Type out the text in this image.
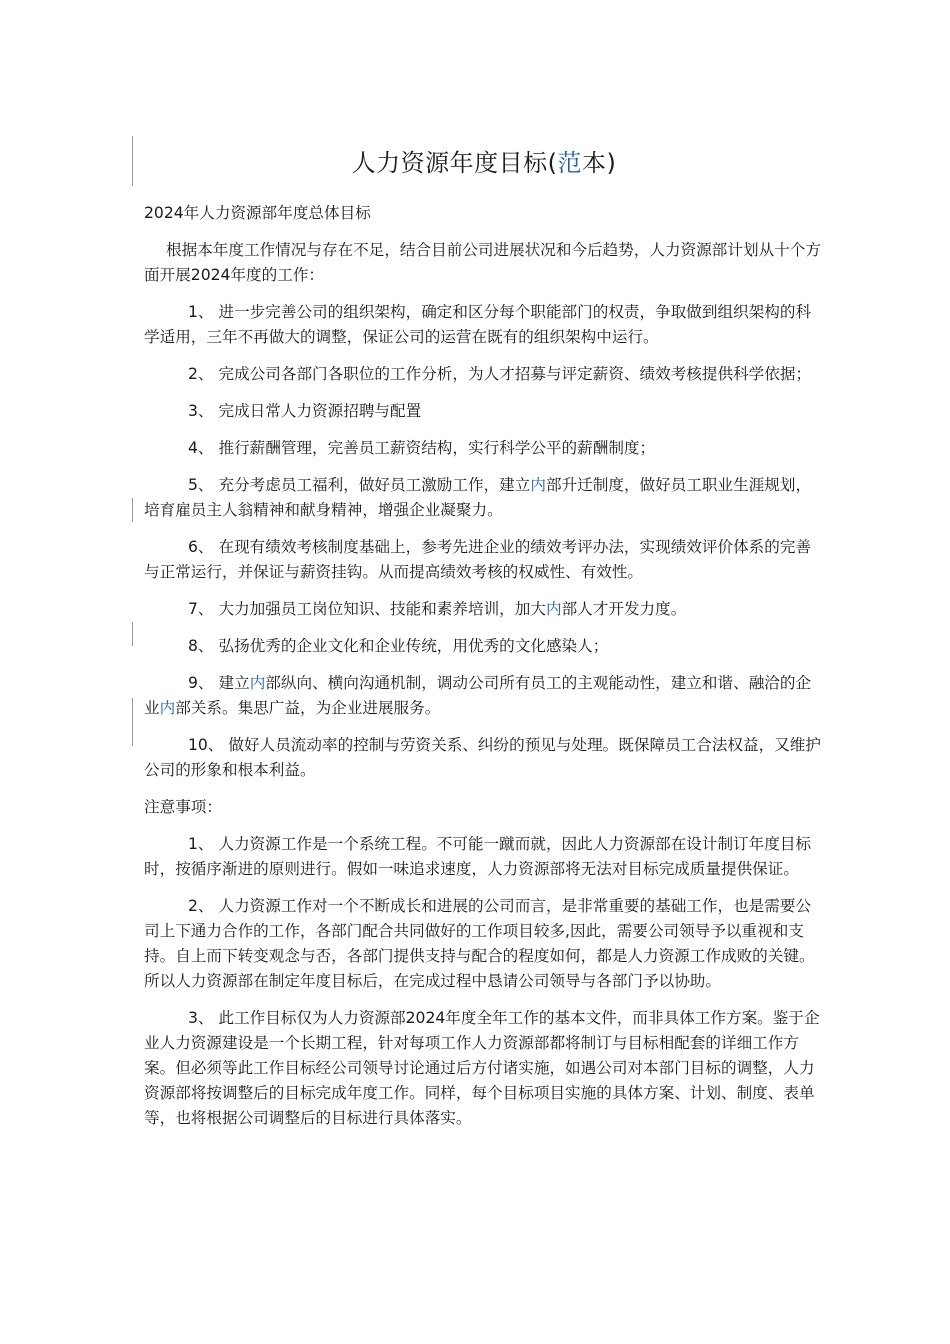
人力资源年度目标(范本)

2024年人力资源部年度总体目标

根据本年度工作情况与存在不足，结合目前公司进展状况和今后趋势，人力资源部计划从十个方面开展2024年度的工作：

1、 进一步完善公司的组织架构，确定和区分每个职能部门的权责，争取做到组织架构的科学适用，三年不再做大的调整，保证公司的运营在既有的组织架构中运行。

2、 完成公司各部门各职位的工作分析，为人才招募与评定薪资、绩效考核提供科学依据；

3、 完成日常人力资源招聘与配置

4、 推行薪酬管理，完善员工薪资结构，实行科学公平的薪酬制度；

5、 充分考虑员工福利，做好员工激励工作，建立内部升迁制度，做好员工职业生涯规划，培育雇员主人翁精神和献身精神，增强企业凝聚力。

6、 在现有绩效考核制度基础上，参考先进企业的绩效考评办法，实现绩效评价体系的完善与正常运行，并保证与薪资挂钩。从而提高绩效考核的权威性、有效性。

7、 大力加强员工岗位知识、技能和素养培训，加大内部人才开发力度。

8、 弘扬优秀的企业文化和企业传统，用优秀的文化感染人；

9、 建立内部纵向、横向沟通机制，调动公司所有员工的主观能动性，建立和谐、融洽的企业内部关系。集思广益，为企业进展服务。

10、 做好人员流动率的控制与劳资关系、纠纷的预见与处理。既保障员工合法权益，又维护公司的形象和根本利益。

注意事项：

1、 人力资源工作是一个系统工程。不可能一蹴而就，因此人力资源部在设计制订年度目标时，按循序渐进的原则进行。假如一味追求速度，人力资源部将无法对目标完成质量提供保证。

2、 人力资源工作对一个不断成长和进展的公司而言，是非常重要的基础工作，也是需要公司上下通力合作的工作，各部门配合共同做好的工作项目较多,因此，需要公司领导予以重视和支持。自上而下转变观念与否，各部门提供支持与配合的程度如何，都是人力资源工作成败的关键。所以人力资源部在制定年度目标后，在完成过程中恳请公司领导与各部门予以协助。

3、 此工作目标仅为人力资源部2024年度全年工作的基本文件，而非具体工作方案。鉴于企业人力资源建设是一个长期工程，针对每项工作人力资源部都将制订与目标相配套的详细工作方案。但必须等此工作目标经公司领导讨论通过后方付诸实施，如遇公司对本部门目标的调整，人力资源部将按调整后的目标完成年度工作。同样，每个目标项目实施的具体方案、计划、制度、表单等，也将根据公司调整后的目标进行具体落实。
